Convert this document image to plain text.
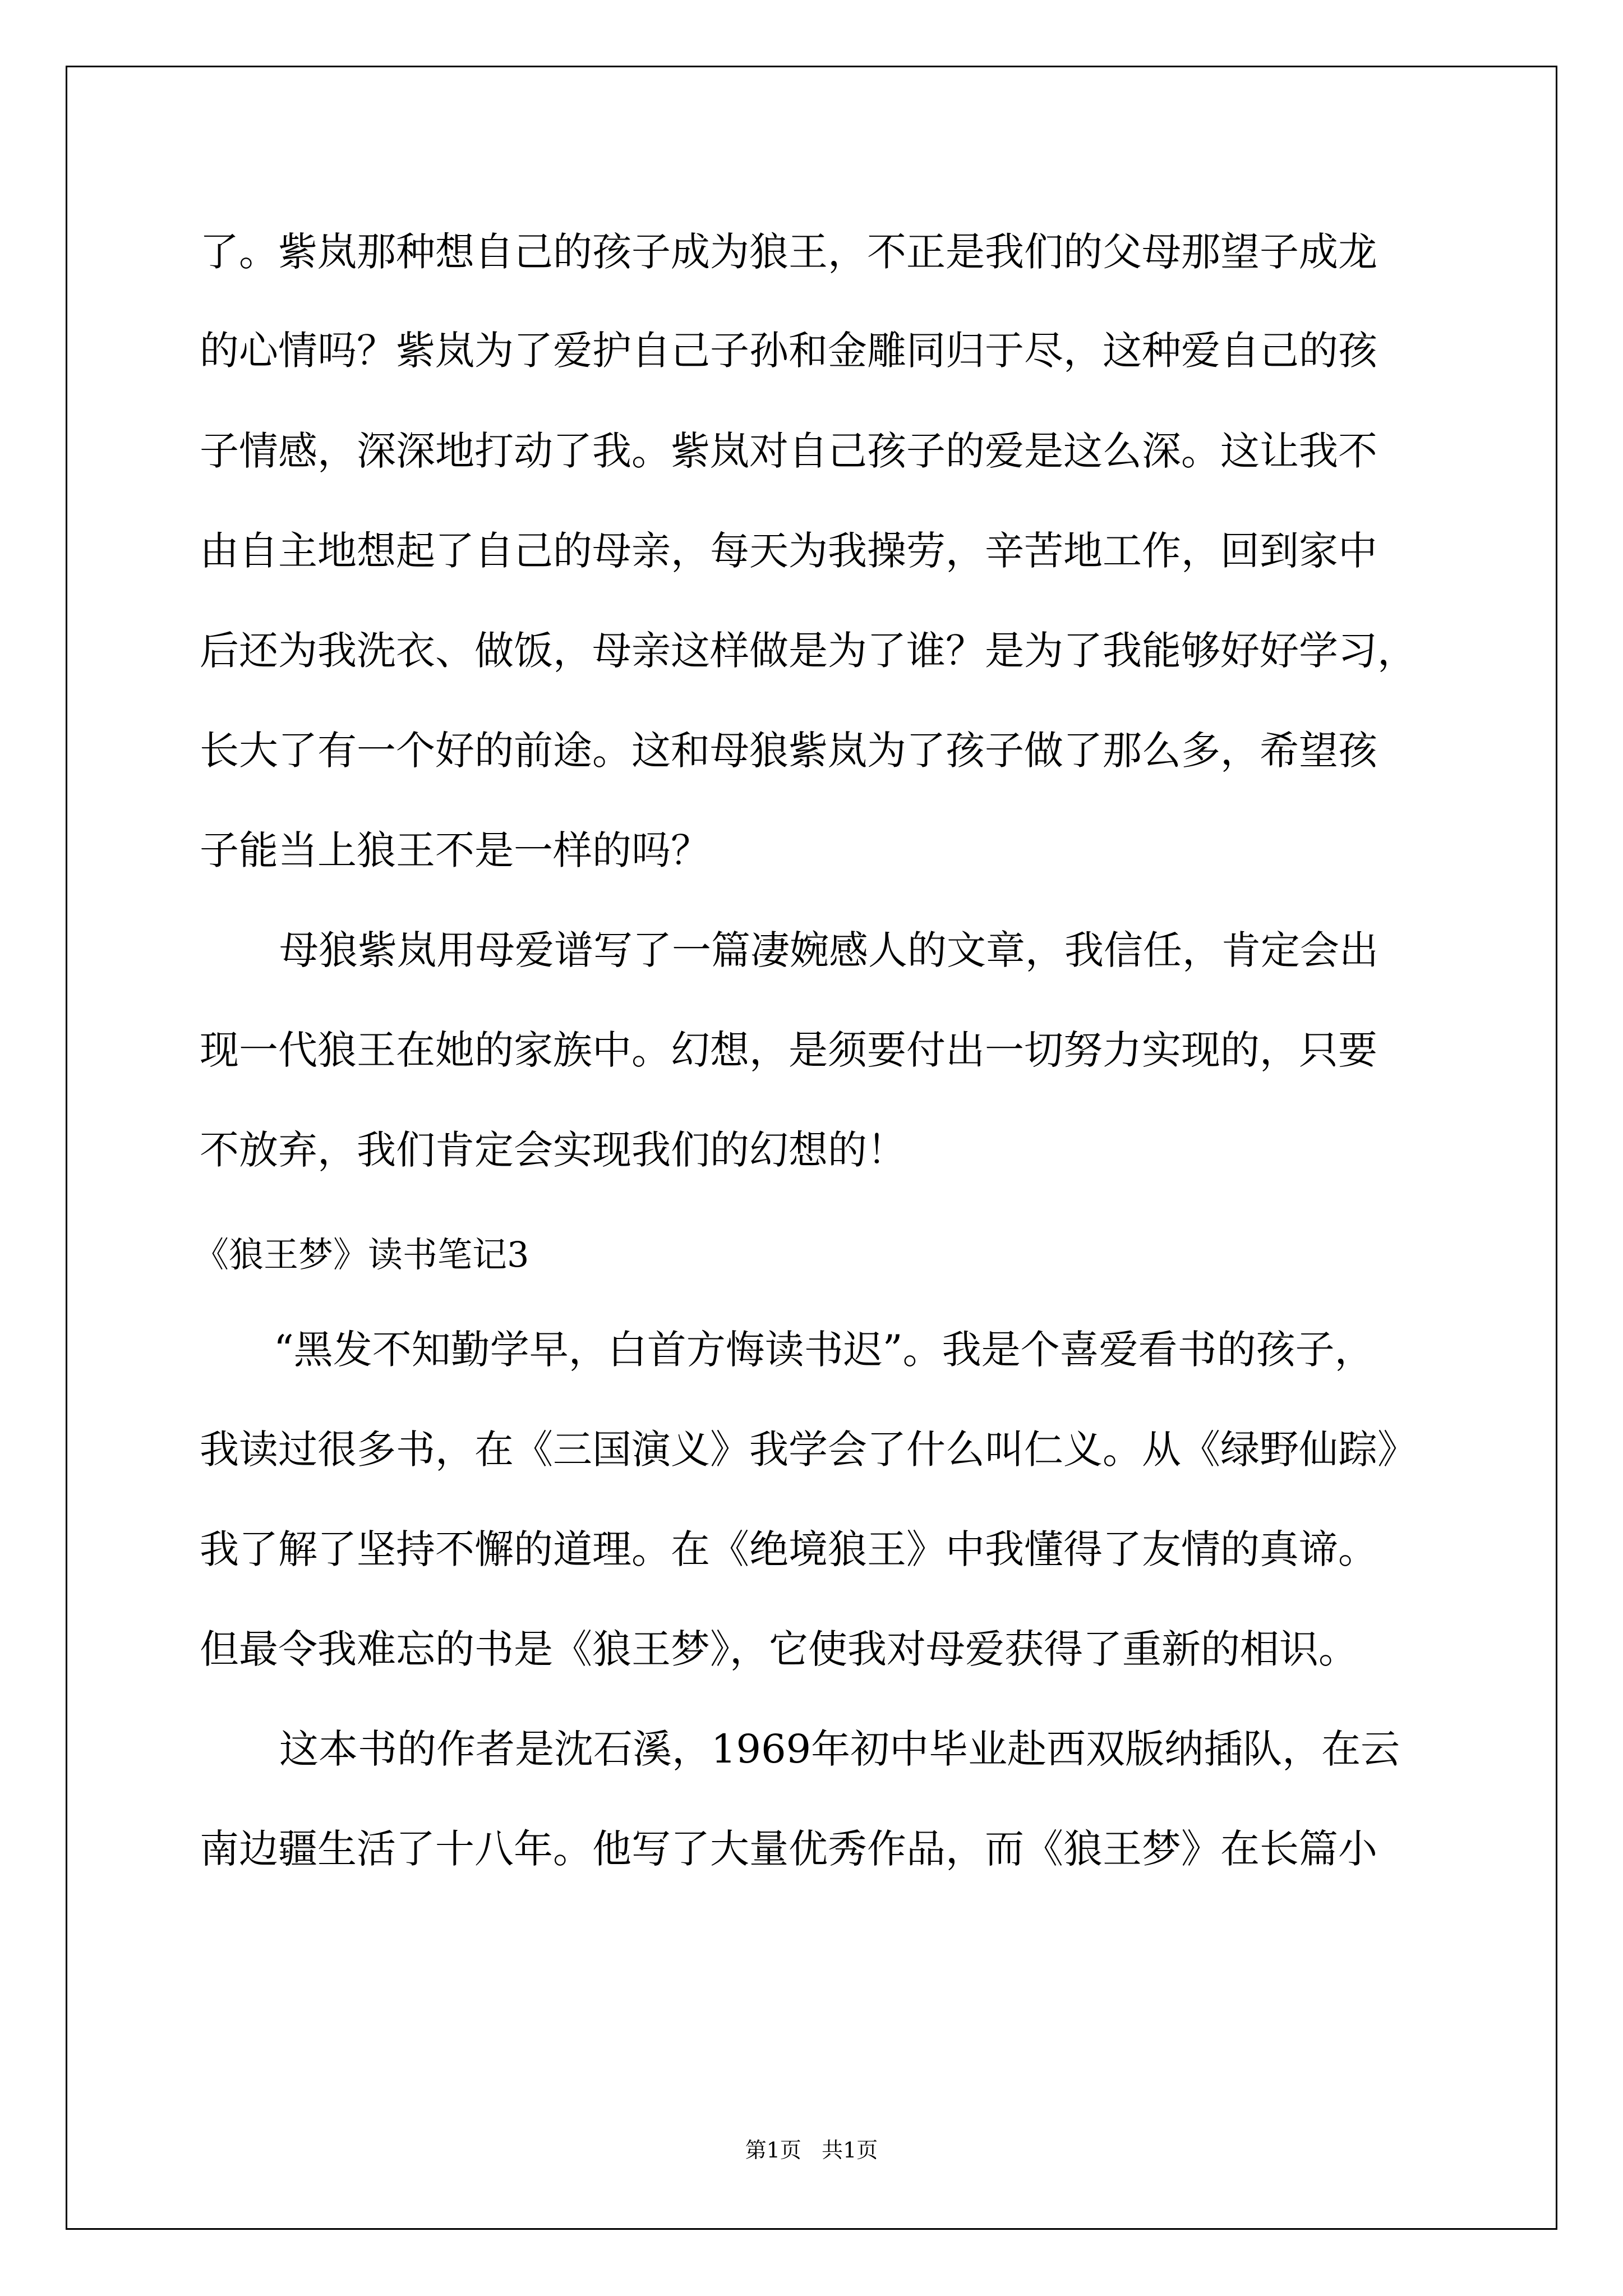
了。紫岚那种想自己的孩子成为狼王，不正是我们的父母那望子成龙

的心情吗？紫岚为了爱护自己子孙和金雕同归于尽，这种爱自己的孩

子情感，深深地打动了我。紫岚对自己孩子的爱是这么深。这让我不

由自主地想起了自己的母亲，每天为我操劳，辛苦地工作，回到家中

后还为我洗衣、做饭，母亲这样做是为了谁？是为了我能够好好学习，

长大了有一个好的前途。这和母狼紫岚为了孩子做了那么多，希望孩

子能当上狼王不是一样的吗？

母狼紫岚用母爱谱写了一篇凄婉感人的文章，我信任，肯定会出

现一代狼王在她的家族中。幻想，是须要付出一切努力实现的，只要

不放弃，我们肯定会实现我们的幻想的！

《狼王梦》读书笔记3

“黑发不知勤学早，白首方悔读书迟”。我是个喜爱看书的孩子，

我读过很多书，在《三国演义》我学会了什么叫仁义。从《绿野仙踪》

我了解了坚持不懈的道理。在《绝境狼王》中我懂得了友情的真谛。

但最令我难忘的书是《狼王梦》，它使我对母爱获得了重新的相识。

这本书的作者是沈石溪，1969年初中毕业赴西双版纳插队，在云

南边疆生活了十八年。他写了大量优秀作品，而《狼王梦》在长篇小

第1页   共1页
